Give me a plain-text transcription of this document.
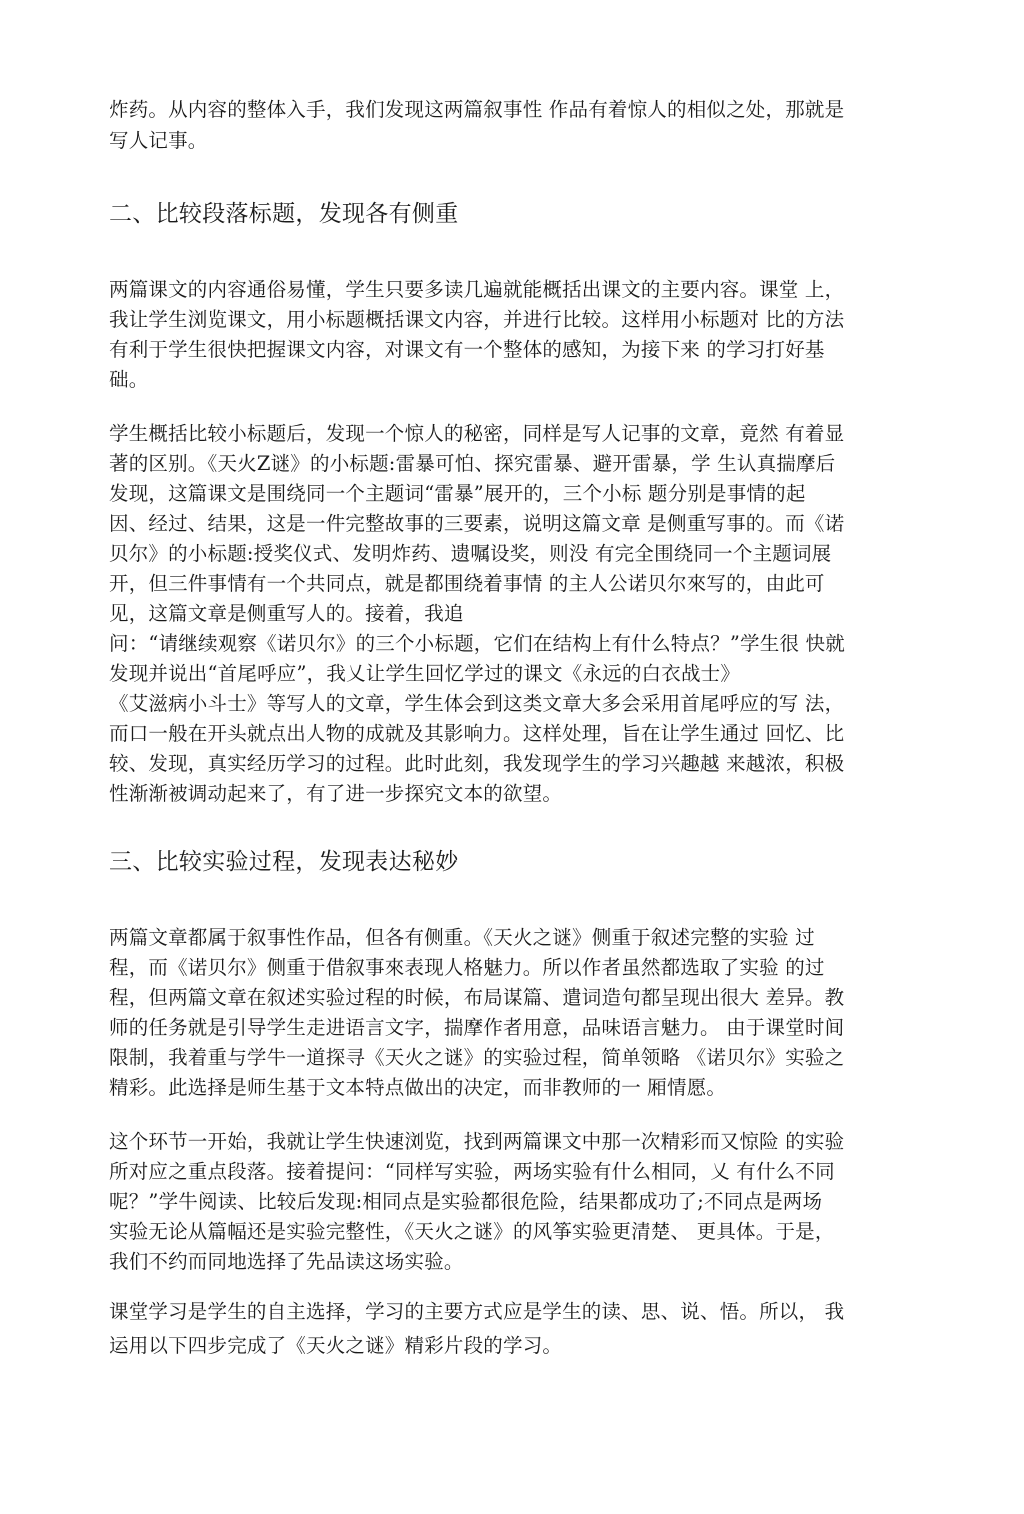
炸药。从内容的整体入手，我们发现这两篇叙事性 作品有着惊人的相似之处，那就是
写人记事。
二、比较段落标题，发现各有侧重
两篇课文的内容通俗易懂，学生只要多读几遍就能概括出课文的主要内容。课堂 上，
我让学生浏览课文，用小标题概括课文内容，并进行比较。这样用小标题对 比的方法
有利于学生很快把握课文内容，对课文有一个整体的感知，为接下来 的学习打好基
础。
学生概括比较小标题后，发现一个惊人的秘密，同样是写人记事的文章，竟然 有着显
著的区别。《天火Z谜》的小标题:雷暴可怕、探究雷暴、避开雷暴，学 生认真揣摩后
发现，这篇课文是围绕同一个主题词“雷暴”展开的，三个小标 题分别是事情的起
因、经过、结果，这是一件完整故事的三要素，说明这篇文章 是侧重写事的。而《诺
贝尔》的小标题:授奖仪式、发明炸药、遗嘱设奖，则没 有完全围绕同一个主题词展
开，但三件事情有一个共同点，就是都围绕着事情 的主人公诺贝尔來写的，由此可
见，这篇文章是侧重写人的。接着，我追
问：“请继续观察《诺贝尔》的三个小标题，它们在结构上有什么特点？”学生很 快就
发现并说出“首尾呼应”，我乂让学生回忆学过的课文《永远的白衣战士》
《艾滋病小斗士》等写人的文章，学生体会到这类文章大多会采用首尾呼应的写 法，
而口一般在开头就点出人物的成就及其影响力。这样处理，旨在让学生通过 回忆、比
较、发现，真实经历学习的过程。此时此刻，我发现学生的学习兴趣越 来越浓，积极
性渐渐被调动起来了，有了进一步探究文本的欲望。
三、比较实验过程，发现表达秘妙
两篇文章都属于叙事性作品，但各有侧重。《天火之谜》侧重于叙述完整的实验 过
程，而《诺贝尔》侧重于借叙事來表现人格魅力。所以作者虽然都选取了实验 的过
程，但两篇文章在叙述实验过程的时候，布局谋篇、遣词造句都呈现出很大 差异。教
师的任务就是引导学生走进语言文字，揣摩作者用意，品味语言魅力。 由于课堂时间
限制，我着重与学牛一道探寻《天火之谜》的实验过程，简单领略 《诺贝尔》实验之
精彩。此选择是师生基于文本特点做出的决定，而非教师的一 厢情愿。
这个环节一开始，我就让学生快速浏览，找到两篇课文中那一次精彩而又惊险 的实验
所对应之重点段落。接着提问：“同样写实验，两场实验有什么相同，乂 有什么不同
呢？”学牛阅读、比较后发现:相同点是实验都很危险，结果都成功了;不同点是两场
实验无论从篇幅还是实验完整性，《天火之谜》的风筝实验更清楚、 更具体。于是，
我们不约而同地选择了先品读这场实验。
课堂学习是学生的自主选择，学习的主要方式应是学生的读、思、说、悟。所以， 我
运用以下四步完成了《天火之谜》精彩片段的学习。
